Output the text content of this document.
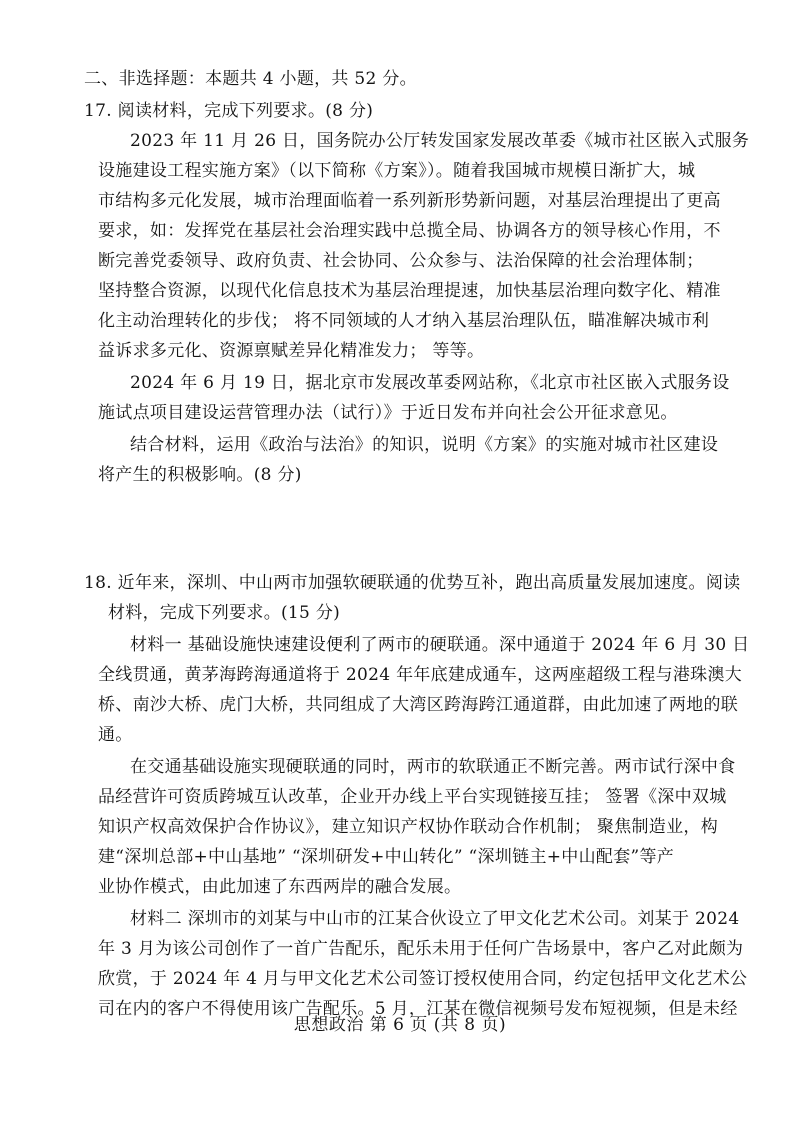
二、非选择题：本题共 4 小题，共 52 分。
17. 阅读材料，完成下列要求。(8 分)
2023 年 11 月 26 日，国务院办公厅转发国家发展改革委《城市社区嵌入式服务
设施建设工程实施方案》（以下简称《方案》）。随着我国城市规模日渐扩大，城
市结构多元化发展，城市治理面临着一系列新形势新问题，对基层治理提出了更高
要求，如：发挥党在基层社会治理实践中总揽全局、协调各方的领导核心作用，不
断完善党委领导、政府负责、社会协同、公众参与、法治保障的社会治理体制；
坚持整合资源，以现代化信息技术为基层治理提速，加快基层治理向数字化、精准
化主动治理转化的步伐； 将不同领域的人才纳入基层治理队伍，瞄准解决城市利
益诉求多元化、资源禀赋差异化精准发力； 等等。
2024 年 6 月 19 日，据北京市发展改革委网站称，《北京市社区嵌入式服务设
施试点项目建设运营管理办法（试行）》于近日发布并向社会公开征求意见。
结合材料，运用《政治与法治》的知识，说明《方案》的实施对城市社区建设
将产生的积极影响。(8 分)
18. 近年来，深圳、中山两市加强软硬联通的优势互补，跑出高质量发展加速度。阅读
材料，完成下列要求。(15 分)
材料一 基础设施快速建设便利了两市的硬联通。深中通道于 2024 年 6 月 30 日
全线贯通，黄茅海跨海通道将于 2024 年年底建成通车，这两座超级工程与港珠澳大
桥、南沙大桥、虎门大桥，共同组成了大湾区跨海跨江通道群，由此加速了两地的联
通。
在交通基础设施实现硬联通的同时，两市的软联通正不断完善。两市试行深中食
品经营许可资质跨城互认改革，企业开办线上平台实现链接互挂； 签署《深中双城
知识产权高效保护合作协议》，建立知识产权协作联动合作机制； 聚焦制造业，构
建“深圳总部+中山基地” “深圳研发+中山转化” “深圳链主+中山配套”等产
业协作模式，由此加速了东西两岸的融合发展。
材料二 深圳市的刘某与中山市的江某合伙设立了甲文化艺术公司。刘某于 2024
年 3 月为该公司创作了一首广告配乐，配乐未用于任何广告场景中，客户乙对此颇为
欣赏，于 2024 年 4 月与甲文化艺术公司签订授权使用合同，约定包括甲文化艺术公
思想政治 第 6 页 (共 8 页)
司在内的客户不得使用该广告配乐。5 月，江某在微信视频号发布短视频，但是未经
